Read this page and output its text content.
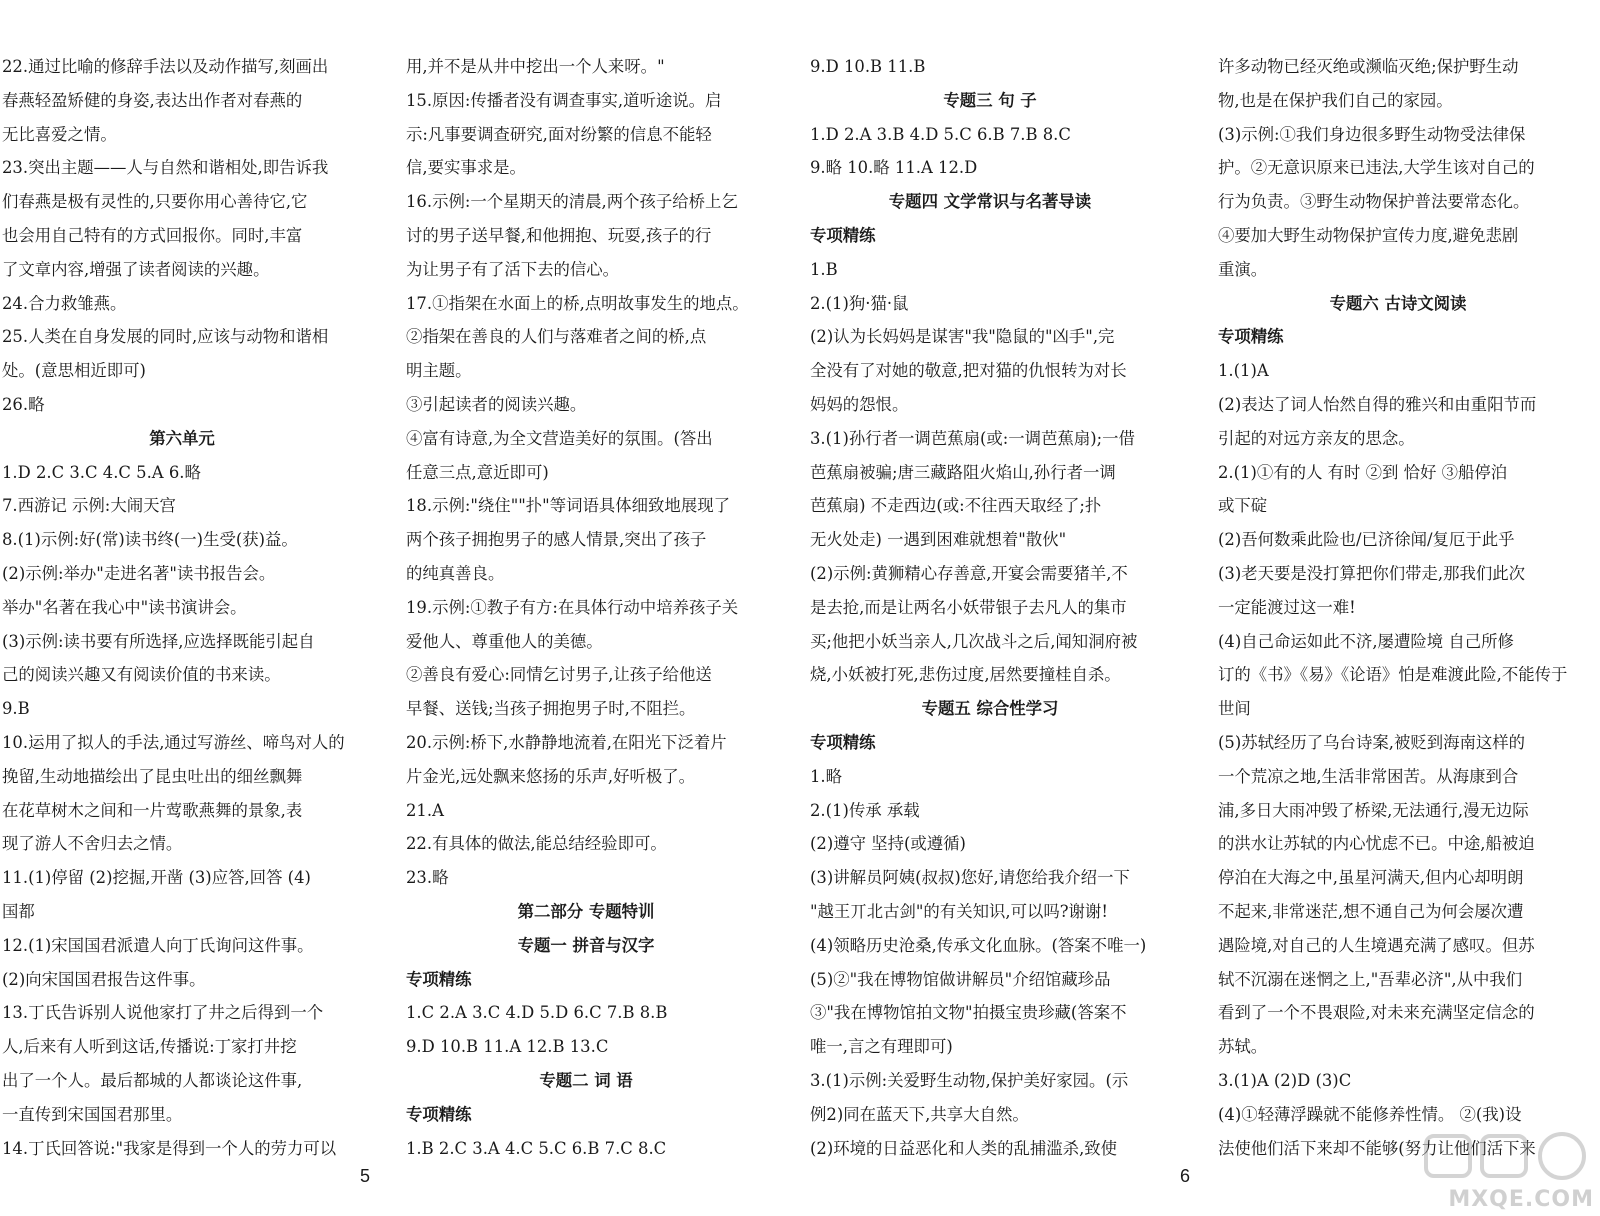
22.通过比喻的修辞手法以及动作描写,刻画出
春燕轻盈矫健的身姿,表达出作者对春燕的
无比喜爱之情。
23.突出主题——人与自然和谐相处,即告诉我
们春燕是极有灵性的,只要你用心善待它,它
也会用自己特有的方式回报你。同时,丰富
了文章内容,增强了读者阅读的兴趣。
24.合力救雏燕。
25.人类在自身发展的同时,应该与动物和谐相
处。(意思相近即可)
26.略
第六单元
1.D 2.C 3.C 4.C 5.A 6.略
7.西游记 示例:大闹天宫
8.(1)示例:好(常)读书终(一)生受(获)益。
(2)示例:举办"走进名著"读书报告会。
举办"名著在我心中"读书演讲会。
(3)示例:读书要有所选择,应选择既能引起自
己的阅读兴趣又有阅读价值的书来读。
9.B
10.运用了拟人的手法,通过写游丝、啼鸟对人的
挽留,生动地描绘出了昆虫吐出的细丝飘舞
在花草树木之间和一片莺歌燕舞的景象,表
现了游人不舍归去之情。
11.(1)停留 (2)挖掘,开凿 (3)应答,回答 (4)
国都
12.(1)宋国国君派遣人向丁氏询问这件事。
(2)向宋国国君报告这件事。
13.丁氏告诉别人说他家打了井之后得到一个
人,后来有人听到这话,传播说:丁家打井挖
出了一个人。最后都城的人都谈论这件事,
一直传到宋国国君那里。
14.丁氏回答说:"我家是得到一个人的劳力可以
用,并不是从井中挖出一个人来呀。"
15.原因:传播者没有调查事实,道听途说。启
示:凡事要调查研究,面对纷繁的信息不能轻
信,要实事求是。
16.示例:一个星期天的清晨,两个孩子给桥上乞
讨的男子送早餐,和他拥抱、玩耍,孩子的行
为让男子有了活下去的信心。
17.①指架在水面上的桥,点明故事发生的地点。
②指架在善良的人们与落难者之间的桥,点
明主题。
③引起读者的阅读兴趣。
④富有诗意,为全文营造美好的氛围。(答出
任意三点,意近即可)
18.示例:"绕住""扑"等词语具体细致地展现了
两个孩子拥抱男子的感人情景,突出了孩子
的纯真善良。
19.示例:①教子有方:在具体行动中培养孩子关
爱他人、尊重他人的美德。
②善良有爱心:同情乞讨男子,让孩子给他送
早餐、送钱;当孩子拥抱男子时,不阻拦。
20.示例:桥下,水静静地流着,在阳光下泛着片
片金光,远处飘来悠扬的乐声,好听极了。
21.A
22.有具体的做法,能总结经验即可。
23.略
第二部分 专题特训
专题一 拼音与汉字
专项精练
1.C 2.A 3.C 4.D 5.D 6.C 7.B 8.B
9.D 10.B 11.A 12.B 13.C
专题二 词 语
专项精练
1.B 2.C 3.A 4.C 5.C 6.B 7.C 8.C
9.D 10.B 11.B
专题三 句 子
1.D 2.A 3.B 4.D 5.C 6.B 7.B 8.C
9.略 10.略 11.A 12.D
专题四 文学常识与名著导读
专项精练
1.B
2.(1)狗·猫·鼠
(2)认为长妈妈是谋害"我"隐鼠的"凶手",完
全没有了对她的敬意,把对猫的仇恨转为对长
妈妈的怨恨。
3.(1)孙行者一调芭蕉扇(或:一调芭蕉扇);一借
芭蕉扇被骗;唐三藏路阻火焰山,孙行者一调
芭蕉扇) 不走西边(或:不往西天取经了;扑
无火处走) 一遇到困难就想着"散伙"
(2)示例:黄狮精心存善意,开宴会需要猪羊,不
是去抢,而是让两名小妖带银子去凡人的集市
买;他把小妖当亲人,几次战斗之后,闻知洞府被
烧,小妖被打死,悲伤过度,居然要撞桂自杀。
专题五 综合性学习
专项精练
1.略
2.(1)传承 承载
(2)遵守 坚持(或遵循)
(3)讲解员阿姨(叔叔)您好,请您给我介绍一下
"越王丌北古剑"的有关知识,可以吗?谢谢!
(4)领略历史沧桑,传承文化血脉。(答案不唯一)
(5)②"我在博物馆做讲解员"介绍馆藏珍品
③"我在博物馆拍文物"拍摄宝贵珍藏(答案不
唯一,言之有理即可)
3.(1)示例:关爱野生动物,保护美好家园。(示
例2)同在蓝天下,共享大自然。
(2)环境的日益恶化和人类的乱捕滥杀,致使
许多动物已经灭绝或濒临灭绝;保护野生动
物,也是在保护我们自己的家园。
(3)示例:①我们身边很多野生动物受法律保
护。②无意识原来已违法,大学生该对自己的
行为负责。③野生动物保护普法要常态化。
④要加大野生动物保护宣传力度,避免悲剧
重演。
专题六 古诗文阅读
专项精练
1.(1)A
(2)表达了词人怡然自得的雅兴和由重阳节而
引起的对远方亲友的思念。
2.(1)①有的人 有时 ②到 恰好 ③船停泊
或下碇
(2)吾何数乘此险也/已济徐闻/复厄于此乎
(3)老天要是没打算把你们带走,那我们此次
一定能渡过这一难!
(4)自己命运如此不济,屡遭险境 自己所修
订的《书》《易》《论语》怕是难渡此险,不能传于
世间
(5)苏轼经历了乌台诗案,被贬到海南这样的
一个荒凉之地,生活非常困苦。从海康到合
浦,多日大雨冲毁了桥梁,无法通行,漫无边际
的洪水让苏轼的内心忧虑不已。中途,船被迫
停泊在大海之中,虽星河满天,但内心却明朗
不起来,非常迷茫,想不通自己为何会屡次遭
遇险境,对自己的人生境遇充满了感叹。但苏
轼不沉溺在迷惘之上,"吾辈必济",从中我们
看到了一个不畏艰险,对未来充满坚定信念的
苏轼。
3.(1)A (2)D (3)C
(4)①轻薄浮躁就不能修养性情。 ②(我)设
法使他们活下来却不能够(努力让他们活下来
5	6
MXQE.COM
